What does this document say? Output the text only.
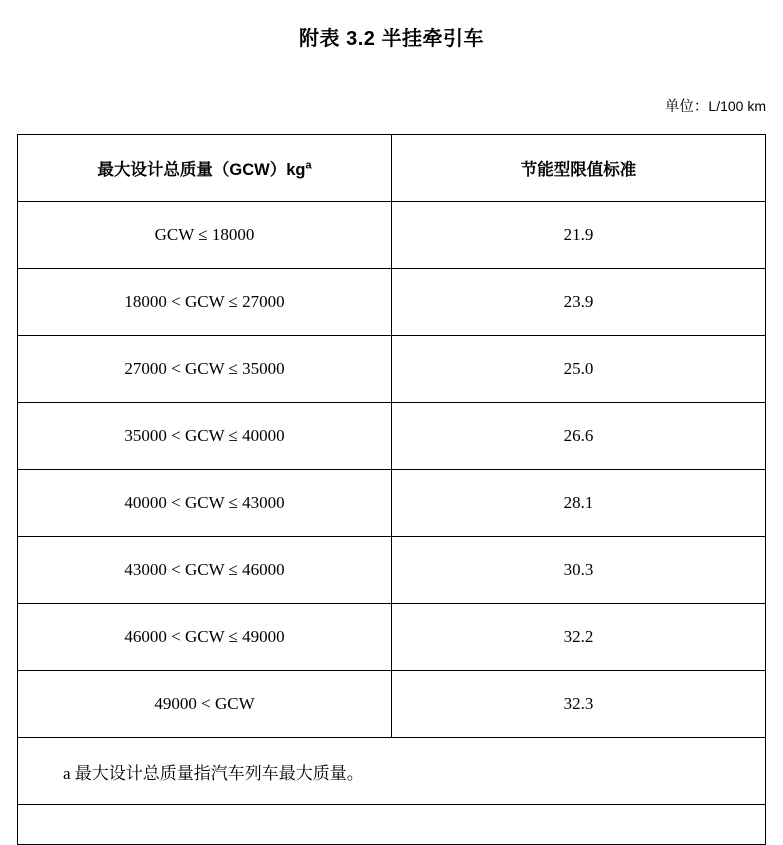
附表 3.2 半挂牵引车
单位：L/100 km
最大设计总质量$(GCW)kg^a$	节能型限值标准
GCW ≤ 18000	21.9
18000 < GCW ≤ 27000	23.9
27000 < GCW ≤ 35000	25.0
35000 < GCW ≤ 40000	26.6
40000 < GCW ≤ 43000	28.1
43000 < GCW ≤ 46000	30.3
46000 < GCW ≤ 49000	32.2
49000 < GCW	32.3
a 最大设计总质量指汽车列车最大质量。	
